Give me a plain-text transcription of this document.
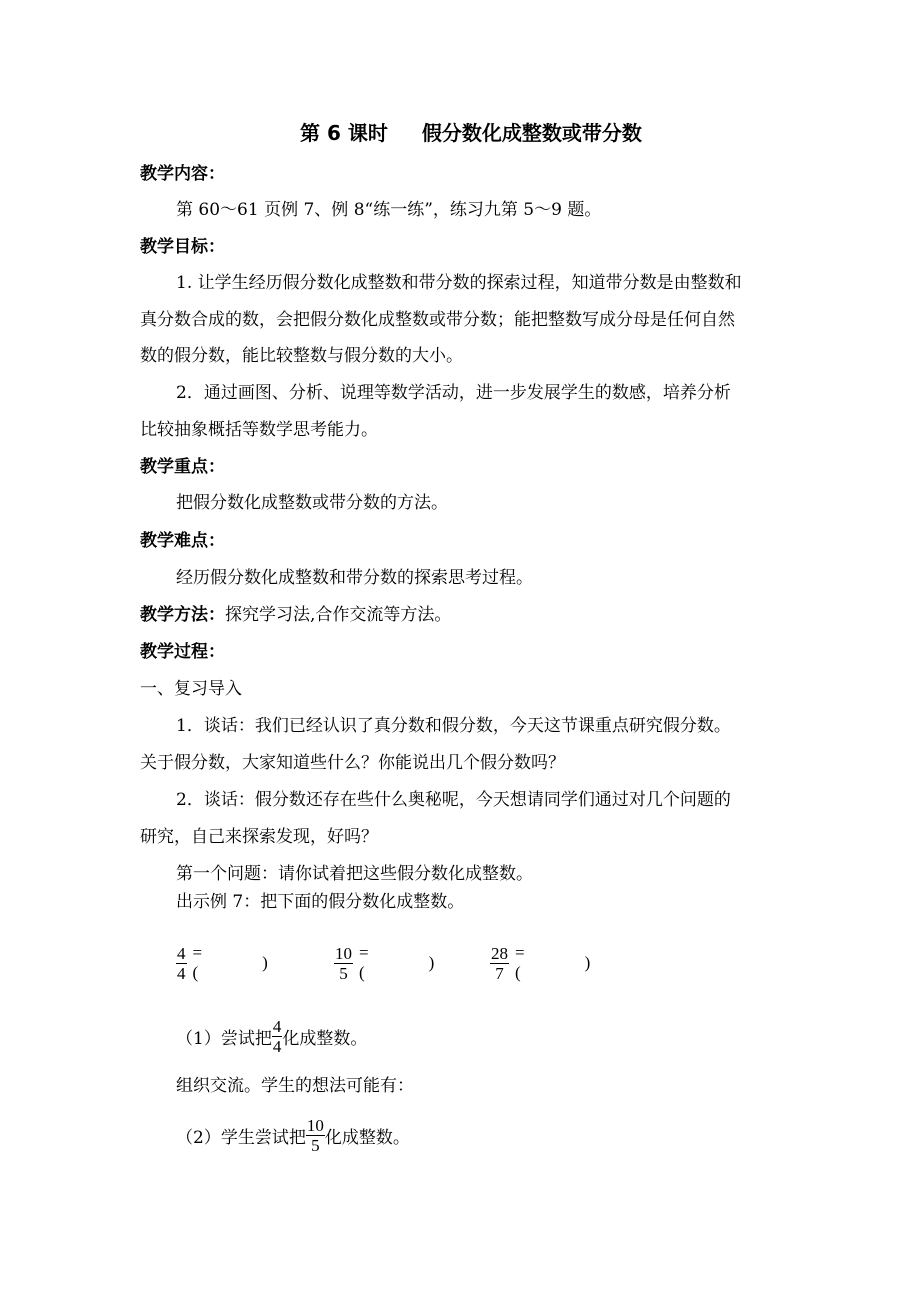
第 6 课时 假分数化成整数或带分数
教学内容：
第 60～61 页例 7、例 8“练一练”，练习九第 5～9 题。
教学目标：
1. 让学生经历假分数化成整数和带分数的探索过程，知道带分数是由整数和
真分数合成的数，会把假分数化成整数或带分数；能把整数写成分母是任何自然
数的假分数，能比较整数与假分数的大小。
2．通过画图、分析、说理等数学活动，进一步发展学生的数感，培养分析
比较抽象概括等数学思考能力。
教学重点：
把假分数化成整数或带分数的方法。
教学难点：
经历假分数化成整数和带分数的探索思考过程。
教学方法：探究学习法,合作交流等方法。
教学过程：
一、复习导入
1．谈话：我们已经认识了真分数和假分数，今天这节课重点研究假分数。
关于假分数，大家知道些什么？你能说出几个假分数吗？
2．谈话：假分数还存在些什么奥秘呢，今天想请同学们通过对几个问题的
研究，自己来探索发现，好吗？
第一个问题：请你试着把这些假分数化成整数。
出示例 7：把下面的假分数化成整数。
$\frac{4}{4}$ = (
)	$\frac{10}{5}$ = (
)	$\frac{28}{7}$ = (
)
（1）尝试把 $\frac{4}{4}$ 化成整数。
组织交流。学生的想法可能有：
（2）学生尝试把 $\frac{10}{5}$ 化成整数。
